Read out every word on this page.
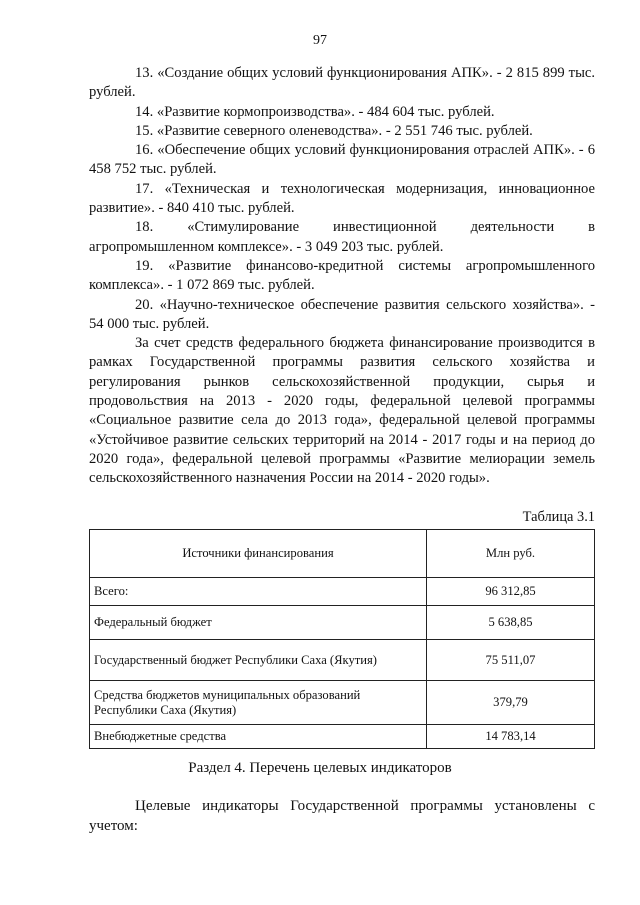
97

13. «Создание общих условий функционирования АПК». - 2 815 899 тыс. рублей.

14. «Развитие кормопроизводства». - 484 604 тыс. рублей.

15. «Развитие северного оленеводства». - 2 551 746 тыс. рублей.

16. «Обеспечение общих условий функционирования отраслей АПК». - 6 458 752 тыс. рублей.

17. «Техническая и технологическая модернизация, инновационное развитие». - 840 410 тыс. рублей.

18. «Стимулирование инвестиционной деятельности в агропромышленном комплексе». - 3 049 203 тыс. рублей.

19. «Развитие финансово-кредитной системы агропромышленного комплекса». - 1 072 869 тыс. рублей.

20. «Научно-техническое обеспечение развития сельского хозяйства». - 54 000 тыс. рублей.

За счет средств федерального бюджета финансирование производится в рамках Государственной программы развития сельского хозяйства и регулирования рынков сельскохозяйственной продукции, сырья и продовольствия на 2013 - 2020 годы, федеральной целевой программы «Социальное развитие села до 2013 года», федеральной целевой программы «Устойчивое развитие сельских территорий на 2014 - 2017 годы и на период до 2020 года», федеральной целевой программы «Развитие мелиорации земель сельскохозяйственного назначения России на 2014 - 2020 годы».

Таблица 3.1
Источники финансирования	Млн руб.
Всего:	96 312,85
Федеральный бюджет	5 638,85
Государственный бюджет Республики Саха (Якутия)	75 511,07
Средства бюджетов муниципальных образований Республики Саха (Якутия)	379,79
Внебюджетные средства	14 783,14
Раздел 4. Перечень целевых индикаторов

Целевые индикаторы Государственной программы установлены с учетом:
